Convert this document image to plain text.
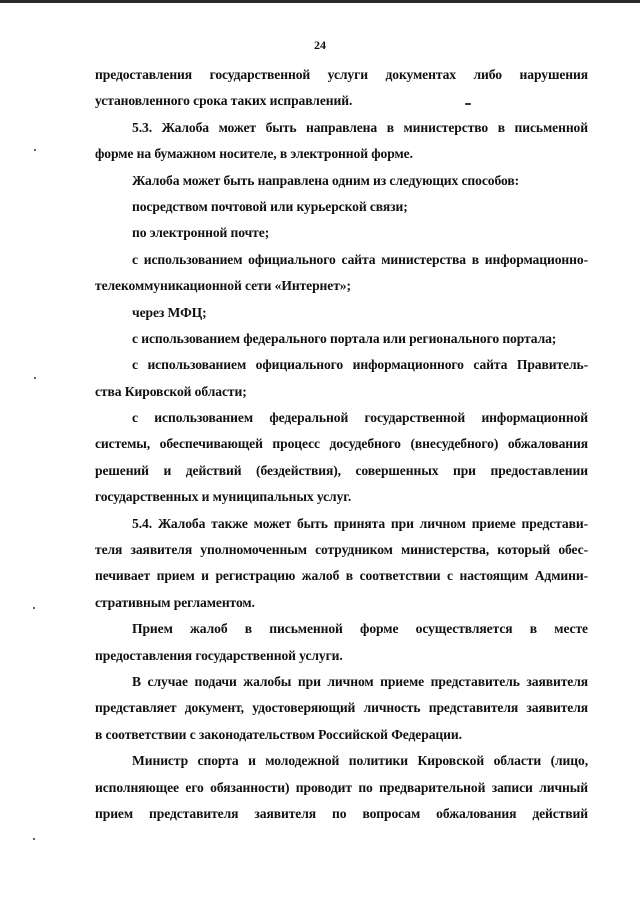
24
предоставления государственной услуги документах либо нарушения
установленного срока таких исправлений.
5.3. Жалоба может быть направлена в министерство в письменной
форме на бумажном носителе, в электронной форме.
Жалоба может быть направлена одним из следующих способов:
посредством почтовой или курьерской связи;
по электронной почте;
с использованием официального сайта министерства в информационно-
телекоммуникационной сети «Интернет»;
через МФЦ;
с использованием федерального портала или регионального портала;
с использованием официального информационного сайта Правитель-
ства Кировской области;
с использованием федеральной государственной информационной
системы, обеспечивающей процесс досудебного (внесудебного) обжалования
решений и действий (бездействия), совершенных при предоставлении
государственных и муниципальных услуг.
5.4. Жалоба также может быть принята при личном приеме представи-
теля заявителя уполномоченным сотрудником министерства, который обес-
печивает прием и регистрацию жалоб в соответствии с настоящим Админи-
стративным регламентом.
Прием жалоб в письменной форме осуществляется в месте
предоставления государственной услуги.
В случае подачи жалобы при личном приеме представитель заявителя
представляет документ, удостоверяющий личность представителя заявителя
в соответствии с законодательством Российской Федерации.
Министр спорта и молодежной политики Кировской области (лицо,
исполняющее его обязанности) проводит по предварительной записи личный
прием представителя заявителя по вопросам обжалования действий
